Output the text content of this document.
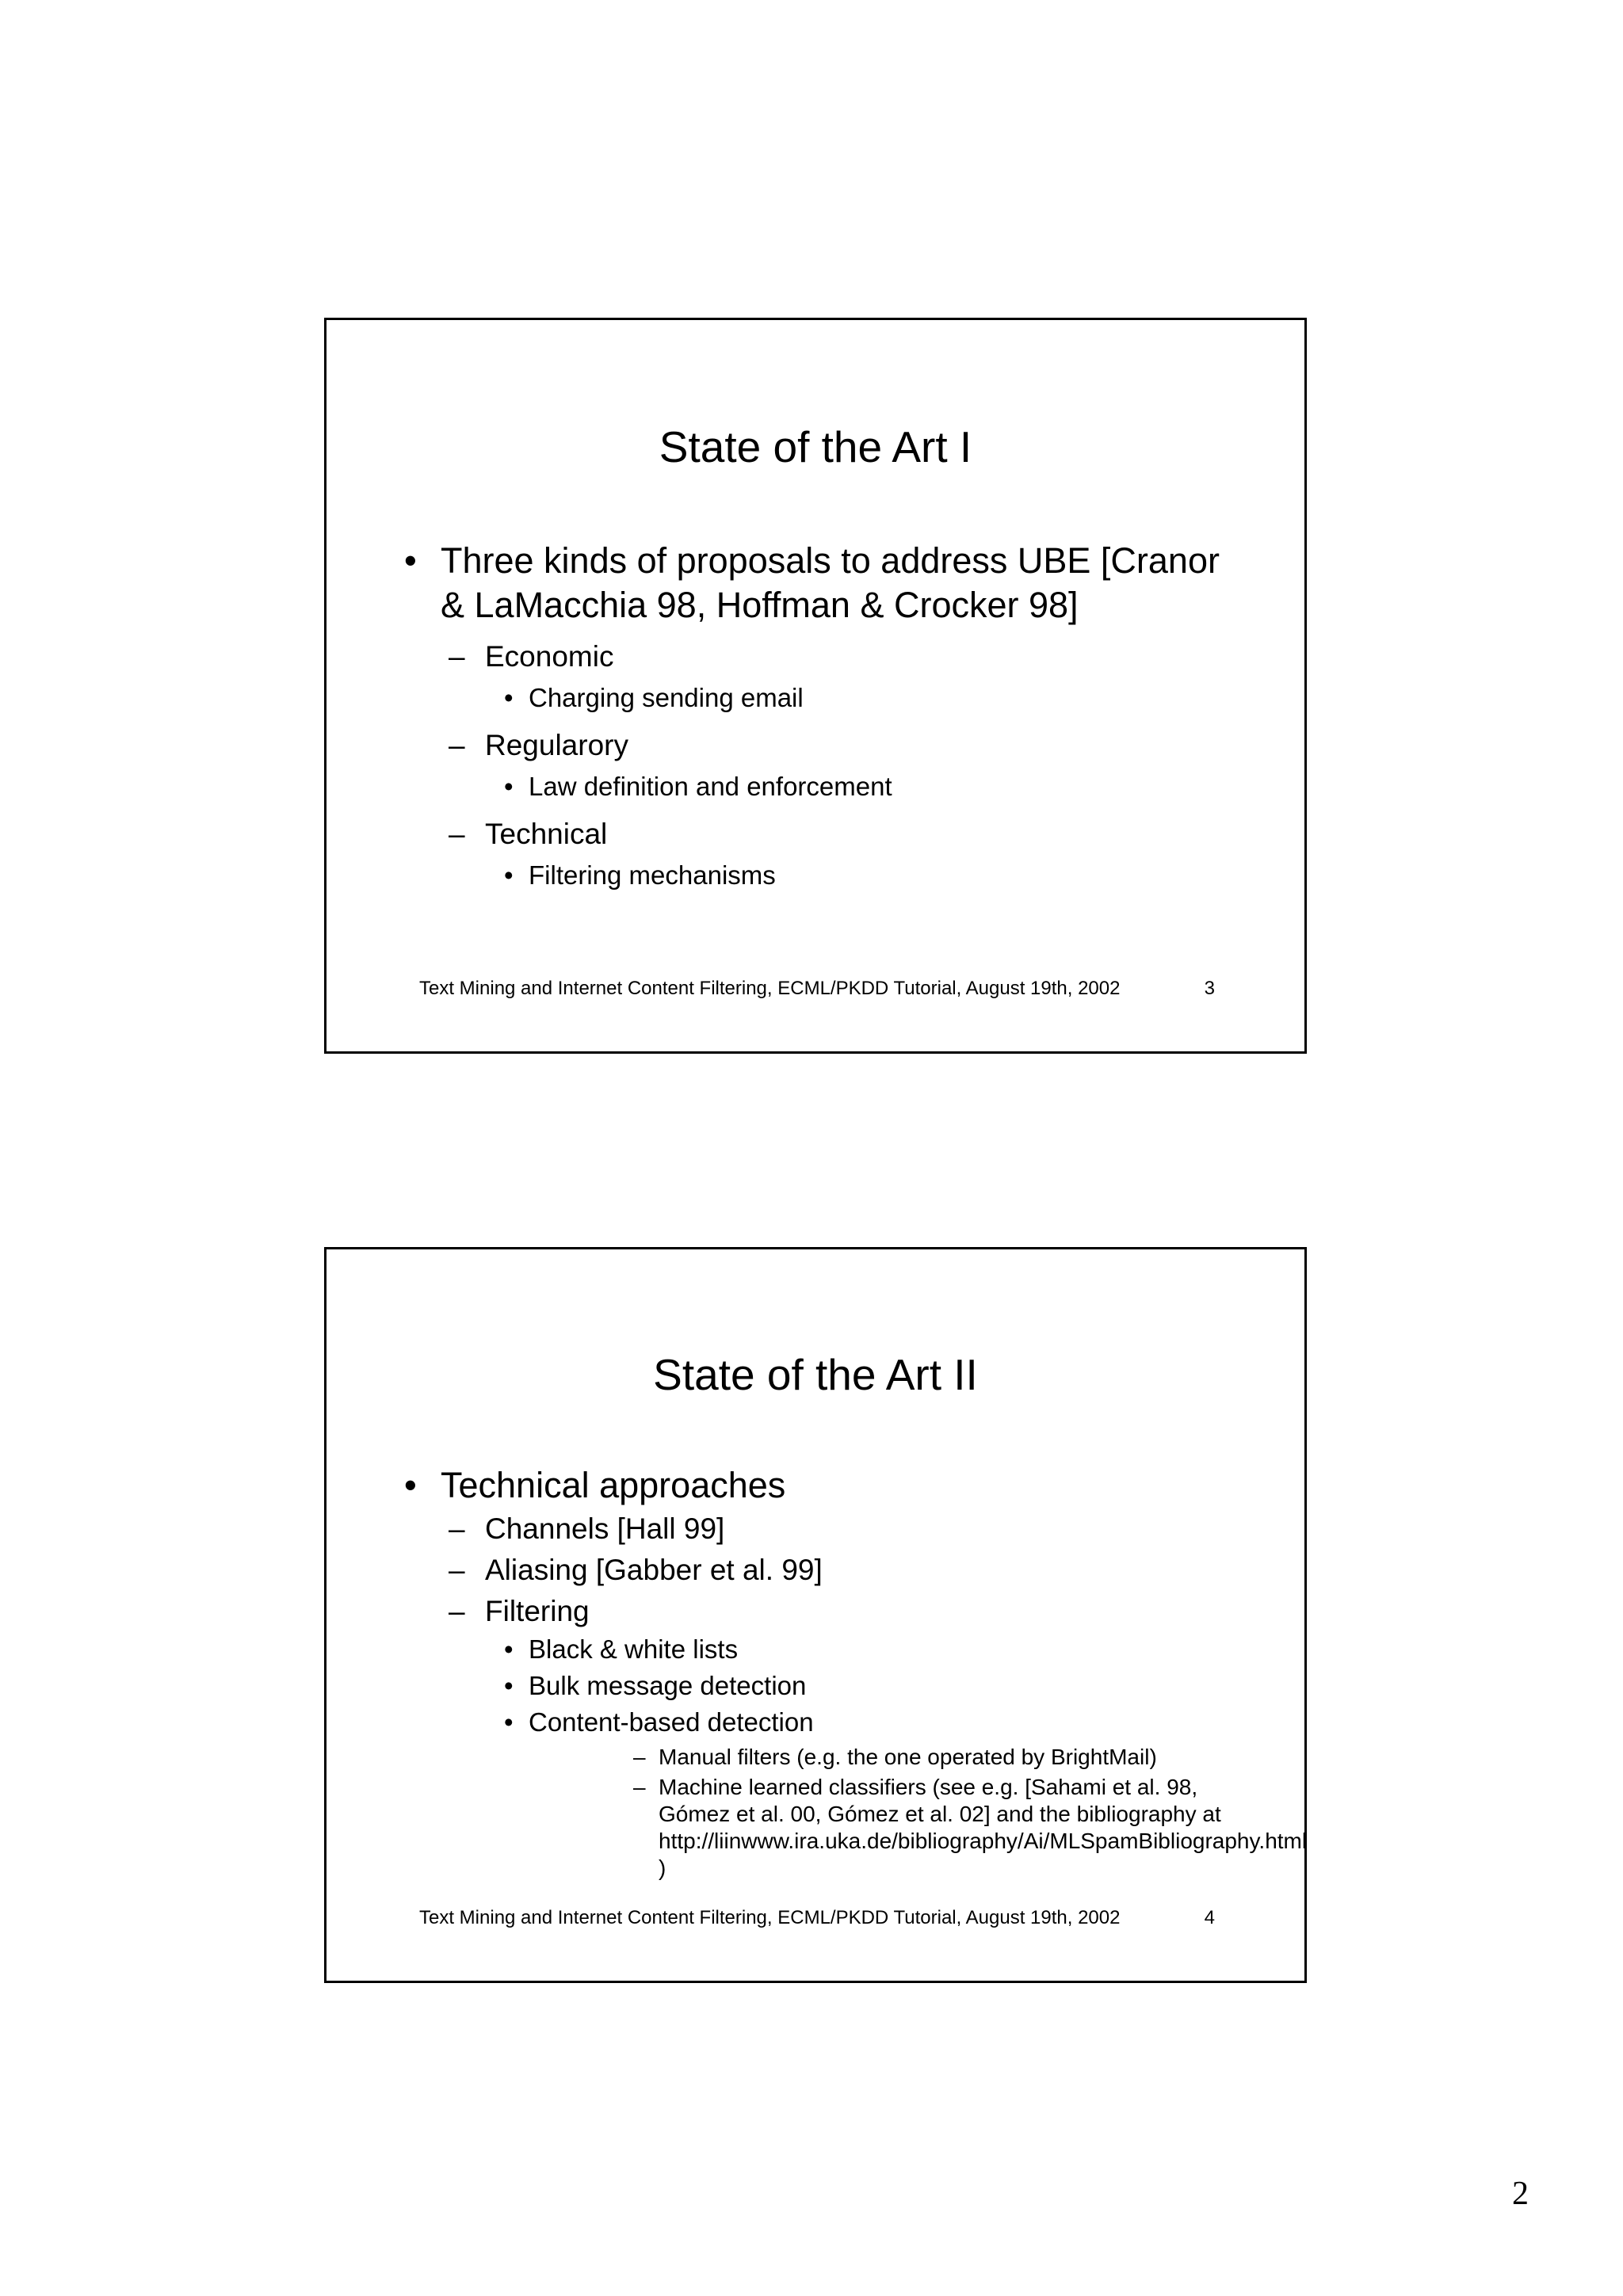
State of the Art I
• Three kinds of proposals to address UBE [Cranor & LaMacchia 98, Hoffman & Crocker 98]
– Economic
• Charging sending email
– Regularory
• Law definition and enforcement
– Technical
• Filtering mechanisms
Text Mining and Internet Content Filtering, ECML/PKDD Tutorial, August 19th, 2002	3
State of the Art II
• Technical approaches
– Channels [Hall 99]
– Aliasing [Gabber et al. 99]
– Filtering
• Black & white lists
• Bulk message detection
• Content-based detection
– Manual filters (e.g. the one operated by BrightMail)
– Machine learned classifiers (see e.g. [Sahami et al. 98, Gómez et al. 00, Gómez et al. 02] and the bibliography at http://liinwww.ira.uka.de/bibliography/Ai/MLSpamBibliography.html )
Text Mining and Internet Content Filtering, ECML/PKDD Tutorial, August 19th, 2002	4
2
